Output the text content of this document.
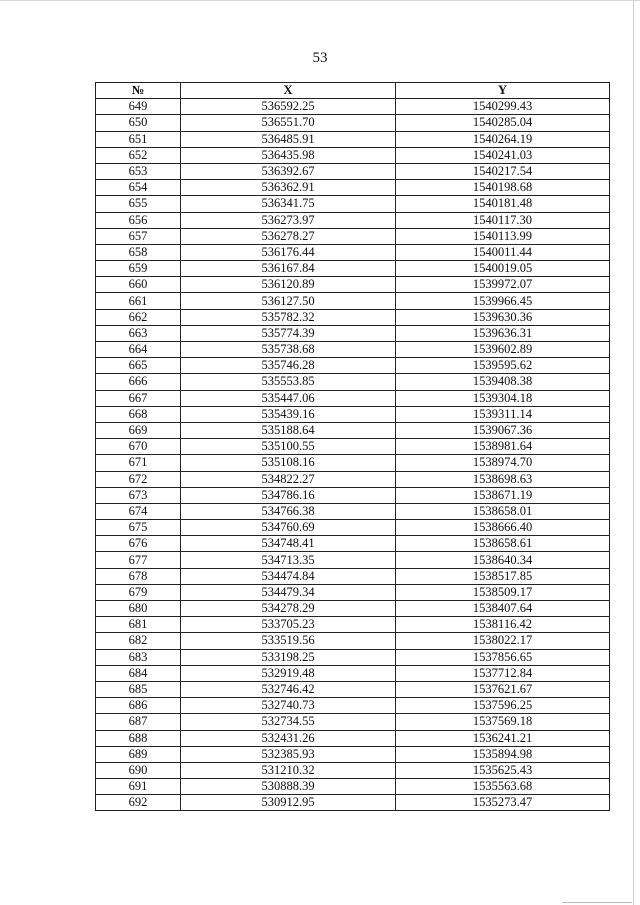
53
№	X	Y
649	536592.25	1540299.43
650	536551.70	1540285.04
651	536485.91	1540264.19
652	536435.98	1540241.03
653	536392.67	1540217.54
654	536362.91	1540198.68
655	536341.75	1540181.48
656	536273.97	1540117.30
657	536278.27	1540113.99
658	536176.44	1540011.44
659	536167.84	1540019.05
660	536120.89	1539972.07
661	536127.50	1539966.45
662	535782.32	1539630.36
663	535774.39	1539636.31
664	535738.68	1539602.89
665	535746.28	1539595.62
666	535553.85	1539408.38
667	535447.06	1539304.18
668	535439.16	1539311.14
669	535188.64	1539067.36
670	535100.55	1538981.64
671	535108.16	1538974.70
672	534822.27	1538698.63
673	534786.16	1538671.19
674	534766.38	1538658.01
675	534760.69	1538666.40
676	534748.41	1538658.61
677	534713.35	1538640.34
678	534474.84	1538517.85
679	534479.34	1538509.17
680	534278.29	1538407.64
681	533705.23	1538116.42
682	533519.56	1538022.17
683	533198.25	1537856.65
684	532919.48	1537712.84
685	532746.42	1537621.67
686	532740.73	1537596.25
687	532734.55	1537569.18
688	532431.26	1536241.21
689	532385.93	1535894.98
690	531210.32	1535625.43
691	530888.39	1535563.68
692	530912.95	1535273.47
